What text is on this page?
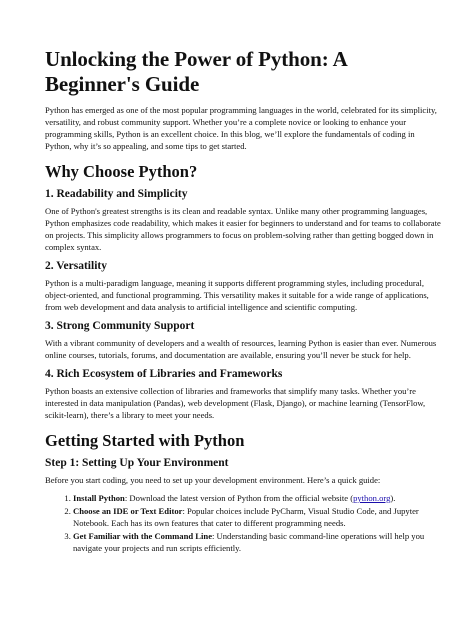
Unlocking the Power of Python: A Beginner's Guide

Python has emerged as one of the most popular programming languages in the world, celebrated for its simplicity, versatility, and robust community support. Whether you’re a complete novice or looking to enhance your programming skills, Python is an excellent choice. In this blog, we’ll explore the fundamentals of coding in Python, why it’s so appealing, and some tips to get started.

Why Choose Python?
1. Readability and Simplicity

One of Python's greatest strengths is its clean and readable syntax. Unlike many other programming languages, Python emphasizes code readability, which makes it easier for beginners to understand and for teams to collaborate on projects. This simplicity allows programmers to focus on problem-solving rather than getting bogged down in complex syntax.

2. Versatility

Python is a multi-paradigm language, meaning it supports different programming styles, including procedural, object-oriented, and functional programming. This versatility makes it suitable for a wide range of applications, from web development and data analysis to artificial intelligence and scientific computing.

3. Strong Community Support

With a vibrant community of developers and a wealth of resources, learning Python is easier than ever. Numerous online courses, tutorials, forums, and documentation are available, ensuring you’ll never be stuck for help.

4. Rich Ecosystem of Libraries and Frameworks

Python boasts an extensive collection of libraries and frameworks that simplify many tasks. Whether you’re interested in data manipulation (Pandas), web development (Flask, Django), or machine learning (TensorFlow, scikit-learn), there’s a library to meet your needs.

Getting Started with Python
Step 1: Setting Up Your Environment

Before you start coding, you need to set up your development environment. Here’s a quick guide:

1. Install Python: Download the latest version of Python from the official website (python.org).
2. Choose an IDE or Text Editor: Popular choices include PyCharm, Visual Studio Code, and Jupyter Notebook. Each has its own features that cater to different programming needs.
3. Get Familiar with the Command Line: Understanding basic command-line operations will help you navigate your projects and run scripts efficiently.
